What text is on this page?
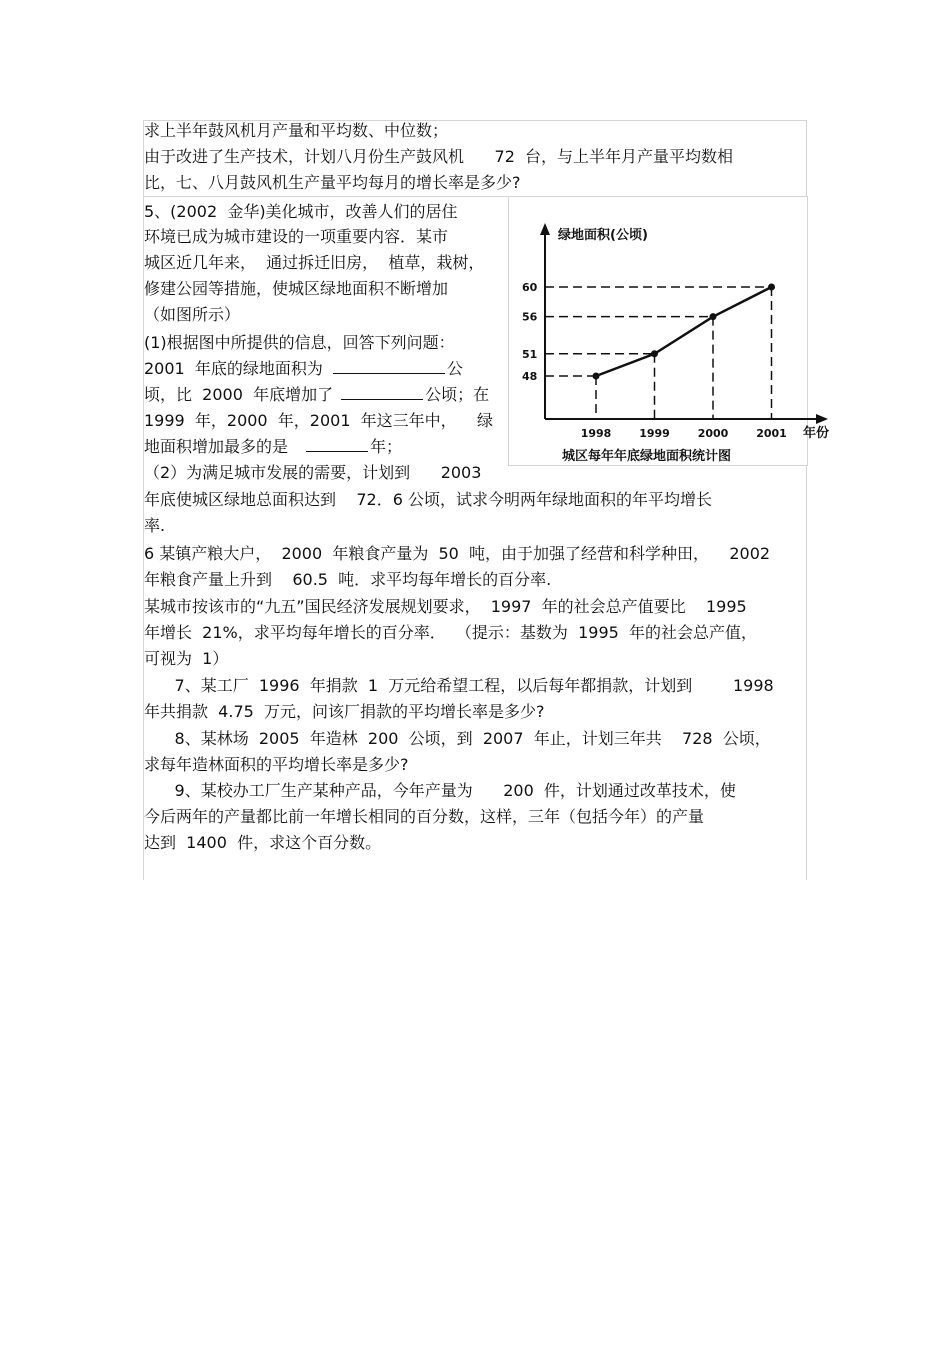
求上半年鼓风机月产量和平均数、中位数；
由于改进了生产技术，计划八月份生产鼓风机      72  台，与上半年月产量平均数相
比，七、八月鼓风机生产量平均每月的增长率是多少?
5、(2002  金华)美化城市，改善人们的居住
环境已成为城市建设的一项重要内容．某市
城区近几年来，  通过拆迁旧房，  植草，栽树，
修建公园等措施，使城区绿地面积不断增加
（如图所示）
(1)根据图中所提供的信息，回答下列问题：
2001  年底的绿地面积为	公
顷，比  2000  年底增加了	公顷；在
1999  年，2000  年，2001  年这三年中，    绿
地面积增加最多的是	年；
（2）为满足城市发展的需要，计划到      2003
年底使城区绿地总面积达到    72．6 公顷，试求今明两年绿地面积的年平均增长
率.
6 某镇产粮大户，  2000  年粮食产量为  50  吨，由于加强了经营和科学种田，    2002
年粮食产量上升到    60.5  吨．求平均每年增长的百分率.
某城市按该市的“九五”国民经济发展规划要求，  1997  年的社会总产值要比    1995
年增长  21%，求平均每年增长的百分率．  （提示：基数为  1995  年的社会总产值，
可视为  1）
7、某工厂  1996  年捐款  1  万元给希望工程，以后每年都捐款，计划到        1998
年共捐款  4.75  万元，问该厂捐款的平均增长率是多少?
8、某林场  2005  年造林  200  公顷，到  2007  年止，计划三年共    728  公顷，
求每年造林面积的平均增长率是多少?
9、某校办工厂生产某种产品，今年产量为      200  件，计划通过改革技术，使
今后两年的产量都比前一年增长相同的百分数，这样，三年（包括今年）的产量
达到  1400  件，求这个百分数。
48
51
56
60
1998	1999	2000	2001
绿地面积(公顷)
年份
城区每年年底绿地面积统计图
